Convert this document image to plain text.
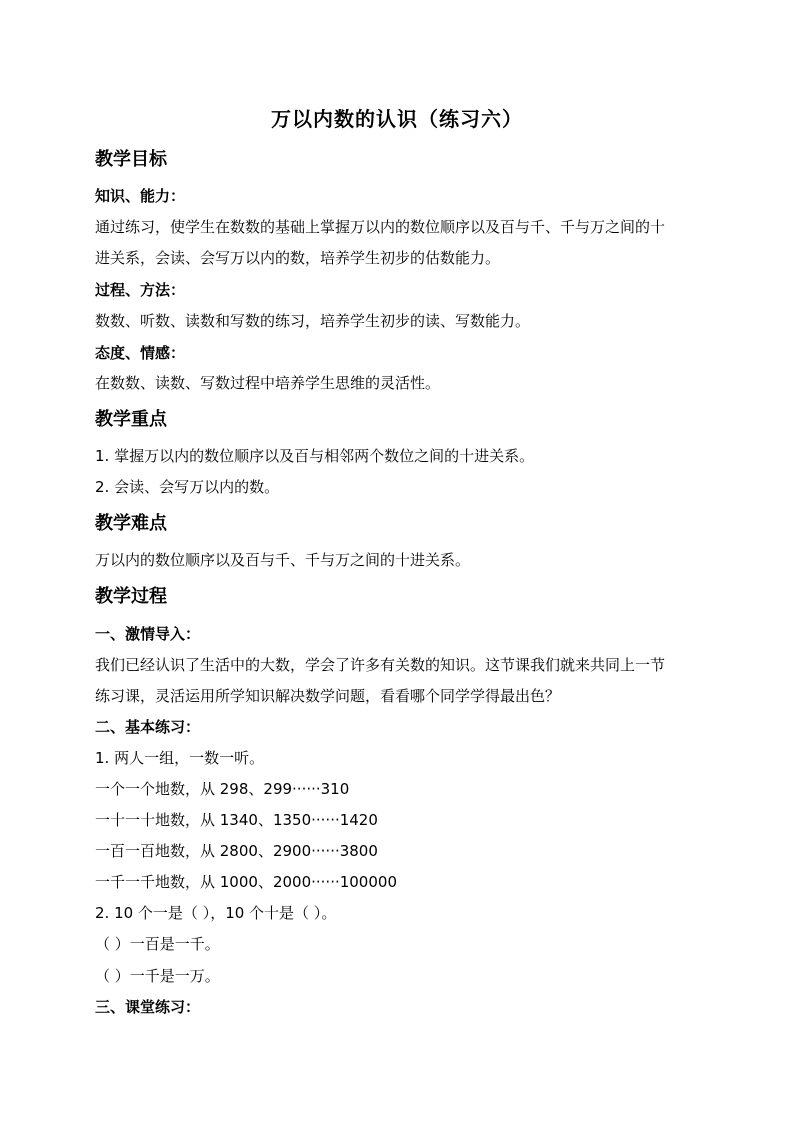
万以内数的认识（练习六）
教学目标
知识、能力：
通过练习，使学生在数数的基础上掌握万以内的数位顺序以及百与千、千与万之间的十
进关系，会读、会写万以内的数，培养学生初步的估数能力。
过程、方法：
数数、听数、读数和写数的练习，培养学生初步的读、写数能力。
态度、情感：
在数数、读数、写数过程中培养学生思维的灵活性。
教学重点
1. 掌握万以内的数位顺序以及百与相邻两个数位之间的十进关系。
2. 会读、会写万以内的数。
教学难点
万以内的数位顺序以及百与千、千与万之间的十进关系。
教学过程
一、激情导入：
我们已经认识了生活中的大数，学会了许多有关数的知识。这节课我们就来共同上一节
练习课，灵活运用所学知识解决数学问题，看看哪个同学学得最出色？
二、基本练习：
1. 两人一组，一数一听。
一个一个地数，从 298、299······310
一十一十地数，从 1340、1350······1420
一百一百地数，从 2800、2900······3800
一千一千地数，从 1000、2000······100000
2. 10 个一是（ ），10 个十是（ ）。
（ ）一百是一千。
（ ）一千是一万。
三、课堂练习：
